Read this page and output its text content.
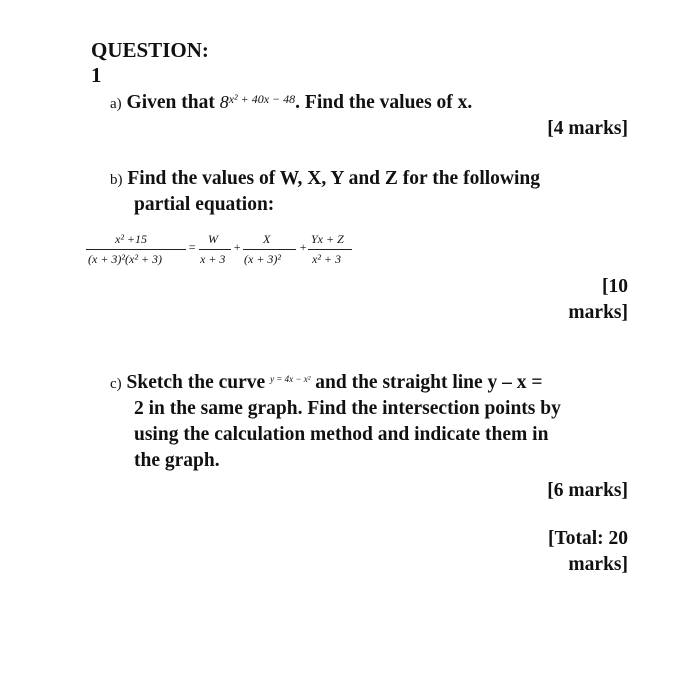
QUESTION:
1
a) Given that $8^{x^2 + 40x - 48}$. Find the values of x.
[4 marks]
b) Find the values of W, X, Y and Z for the following
partial equation:
x² +15
(x + 3)²(x² + 3)
=
W
x + 3
+
X
(x + 3)²
+
Yx + Z
x² + 3
[10
marks]
c) Sketch the curve $^{y = 4x - x^2}$ and the straight line y – x =
2 in the same graph. Find the intersection points by
using the calculation method and indicate them in
the graph.
[6 marks]
[Total: 20
marks]
